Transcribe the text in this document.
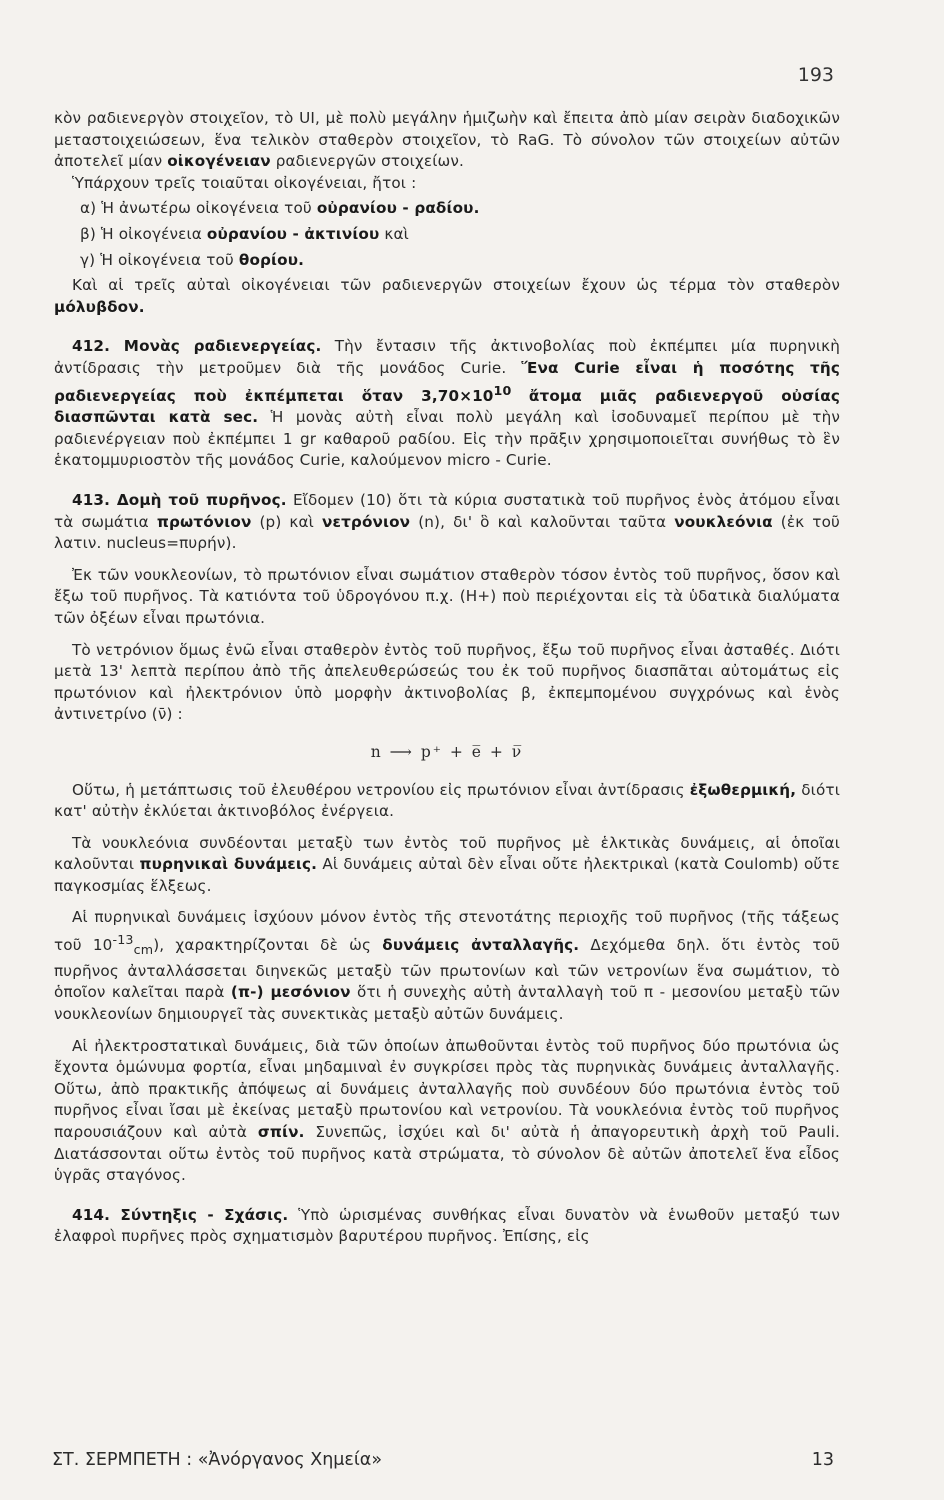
193

κὸν ραδιενεργὸν στοιχεῖον, τὸ UI, μὲ πολὺ μεγάλην ἡμιζωὴν καὶ ἔπειτα ἀπὸ μίαν σειρὰν διαδοχικῶν μεταστοιχειώσεων, ἕνα τελικὸν σταθερὸν στοιχεῖον, τὸ RaG. Τὸ σύνολον τῶν στοιχείων αὐτῶν ἀποτελεῖ μίαν οἰκογένειαν ραδιενεργῶν στοιχείων.

Ὑπάρχουν τρεῖς τοιαῦται οἰκογένειαι, ἤτοι :

α) Ἡ ἀνωτέρω οἰκογένεια τοῦ οὐρανίου - ραδίου.

β) Ἡ οἰκογένεια οὐρανίου - ἀκτινίου καὶ

γ) Ἡ οἰκογένεια τοῦ θορίου.

Καὶ αἱ τρεῖς αὐταὶ οἰκογένειαι τῶν ραδιενεργῶν στοιχείων ἔχουν ὡς τέρμα τὸν σταθερὸν μόλυβδον.

412. Μονὰς ραδιενεργείας. Τὴν ἔντασιν τῆς ἀκτινοβολίας ποὺ ἐκπέμπει μία πυρηνικὴ ἀντίδρασις τὴν μετροῦμεν διὰ τῆς μονάδος Curie. Ἕνα Curie εἶναι ἡ ποσότης τῆς ραδιενεργείας ποὺ ἐκπέμπεται ὅταν $3,70\times 10^{10}$ ἄτομα μιᾶς ραδιενεργοῦ οὐσίας διασπῶνται κατὰ sec. Ἡ μονὰς αὐτὴ εἶναι πολὺ μεγάλη καὶ ἰσοδυναμεῖ περίπου μὲ τὴν ραδιενέργειαν ποὺ ἐκπέμπει 1 gr καθαροῦ ραδίου. Εἰς τὴν πρᾶξιν χρησιμοποιεῖται συνήθως τὸ ἓν ἑκατομμυριοστὸν τῆς μονάδος Curie, καλούμενον micro - Curie.

413. Δομὴ τοῦ πυρῆνος. Εἴδομεν (10) ὅτι τὰ κύρια συστατικὰ τοῦ πυρῆνος ἑνὸς ἀτόμου εἶναι τὰ σωμάτια πρωτόνιον (p) καὶ νετρόνιον (n), δι' ὃ καὶ καλοῦνται ταῦτα νουκλεόνια (ἐκ τοῦ λατιν. nucleus=πυρήν).

Ἐκ τῶν νουκλεονίων, τὸ πρωτόνιον εἶναι σωμάτιον σταθερὸν τόσον ἐντὸς τοῦ πυρῆνος, ὅσον καὶ ἔξω τοῦ πυρῆνος. Τὰ κατιόντα τοῦ ὑδρογόνου π.χ. (H+) ποὺ περιέχονται εἰς τὰ ὑδατικὰ διαλύματα τῶν ὀξέων εἶναι πρωτόνια.

Τὸ νετρόνιον ὅμως ἐνῶ εἶναι σταθερὸν ἐντὸς τοῦ πυρῆνος, ἔξω τοῦ πυρῆνος εἶναι ἀσταθές. Διότι μετὰ 13' λεπτὰ περίπου ἀπὸ τῆς ἀπελευθερώσεώς του ἐκ τοῦ πυρῆνος διασπᾶται αὐτομάτως εἰς πρωτόνιον καὶ ἠλεκτρόνιον ὑπὸ μορφὴν ἀκτινοβολίας β, ἐκπεμπομένου συγχρόνως καὶ ἑνὸς ἀντινετρίνο (ν̄) :

n ⟶ p⁺ + e̅ + ν̅

Οὕτω, ἡ μετάπτωσις τοῦ ἐλευθέρου νετρονίου εἰς πρωτόνιον εἶναι ἀντίδρασις ἐξωθερμική, διότι κατ' αὐτὴν ἐκλύεται ἀκτινοβόλος ἐνέργεια.

Τὰ νουκλεόνια συνδέονται μεταξὺ των ἐντὸς τοῦ πυρῆνος μὲ ἑλκτικὰς δυνάμεις, αἱ ὁποῖαι καλοῦνται πυρηνικαὶ δυνάμεις. Αἱ δυνάμεις αὐταὶ δὲν εἶναι οὔτε ἠλεκτρικαὶ (κατὰ Coulomb) οὔτε παγκοσμίας ἕλξεως.

Αἱ πυρηνικαὶ δυνάμεις ἰσχύουν μόνον ἐντὸς τῆς στενοτάτης περιοχῆς τοῦ πυρῆνος (τῆς τάξεως τοῦ $10^{-13}_{cm}$), χαρακτηρίζονται δὲ ὡς δυνάμεις ἀνταλλαγῆς. Δεχόμεθα δηλ. ὅτι ἐντὸς τοῦ πυρῆνος ἀνταλλάσσεται διηνεκῶς μεταξὺ τῶν πρωτονίων καὶ τῶν νετρονίων ἕνα σωμάτιον, τὸ ὁποῖον καλεῖται παρὰ (π-) μεσόνιον ὅτι ἡ συνεχὴς αὐτὴ ἀνταλλαγὴ τοῦ π - μεσονίου μεταξὺ τῶν νουκλεονίων δημιουργεῖ τὰς συνεκτικὰς μεταξὺ αὐτῶν δυνάμεις.

Αἱ ἠλεκτροστατικαὶ δυνάμεις, διὰ τῶν ὁποίων ἀπωθοῦνται ἐντὸς τοῦ πυρῆνος δύο πρωτόνια ὡς ἔχοντα ὁμώνυμα φορτία, εἶναι μηδαμιναὶ ἐν συγκρίσει πρὸς τὰς πυρηνικὰς δυνάμεις ἀνταλλαγῆς. Οὕτω, ἀπὸ πρακτικῆς ἀπόψεως αἱ δυνάμεις ἀνταλλαγῆς ποὺ συνδέουν δύο πρωτόνια ἐντὸς τοῦ πυρῆνος εἶναι ἴσαι μὲ ἐκείνας μεταξὺ πρωτονίου καὶ νετρονίου. Τὰ νουκλεόνια ἐντὸς τοῦ πυρῆνος παρουσιάζουν καὶ αὐτὰ σπίν. Συνεπῶς, ἰσχύει καὶ δι' αὐτὰ ἡ ἀπαγορευτικὴ ἀρχὴ τοῦ Pauli. Διατάσσονται οὕτω ἐντὸς τοῦ πυρῆνος κατὰ στρώματα, τὸ σύνολον δὲ αὐτῶν ἀποτελεῖ ἕνα εἶδος ὑγρᾶς σταγόνος.

414. Σύντηξις - Σχάσις. Ὑπὸ ὡρισμένας συνθήκας εἶναι δυνατὸν νὰ ἑνωθοῦν μεταξύ των ἐλαφροὶ πυρῆνες πρὸς σχηματισμὸν βαρυτέρου πυρῆνος. Ἐπίσης, εἰς

ΣΤ. ΣΕΡΜΠΕΤΗ : «Ἀνόργανος Χημεία»	13
